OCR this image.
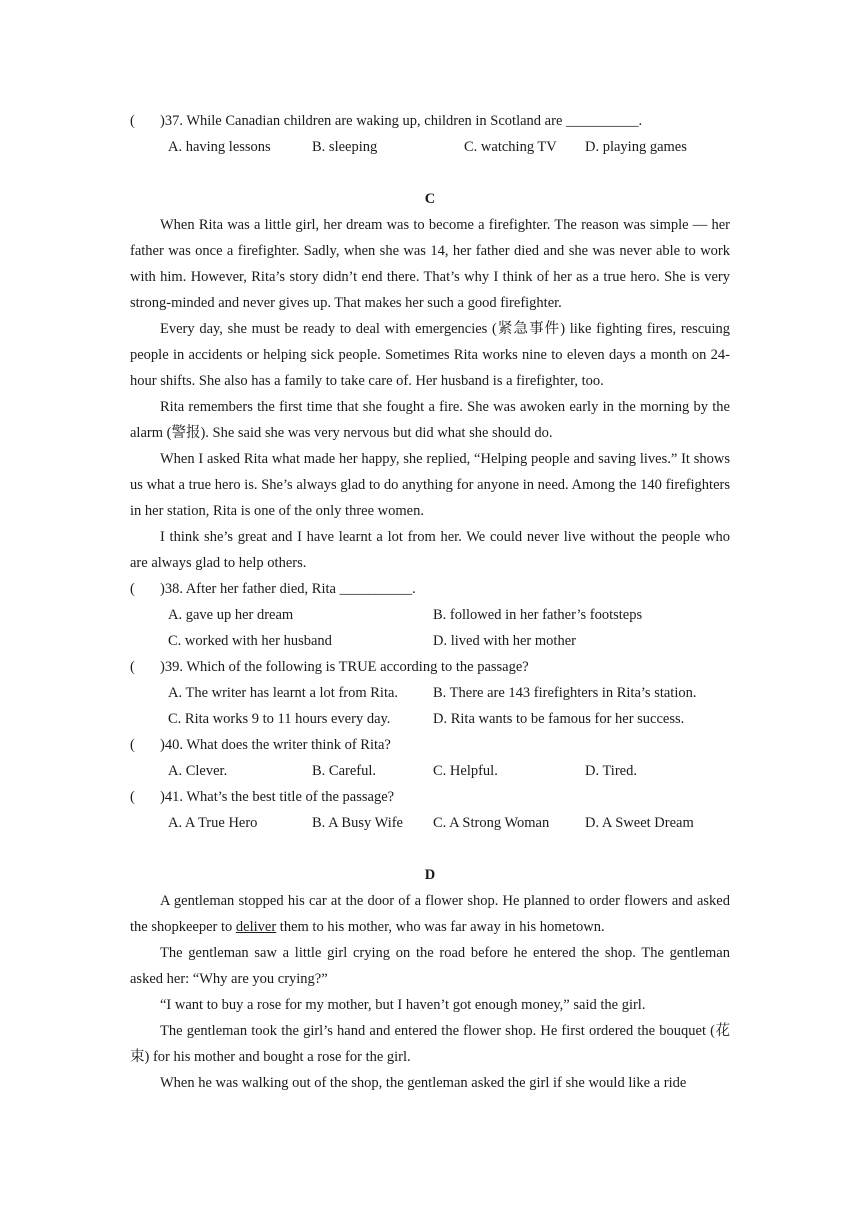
(	)37. While Canadian children are waking up, children in Scotland are __________.
A. having lessons	B. sleeping	C. watching TV	D. playing games
C

When Rita was a little girl, her dream was to become a firefighter. The reason was simple — her father was once a firefighter. Sadly, when she was 14, her father died and she was never able to work with him. However, Rita’s story didn’t end there. That’s why I think of her as a true hero. She is very strong-minded and never gives up. That makes her such a good firefighter.

Every day, she must be ready to deal with emergencies (紧急事件) like fighting fires, rescuing people in accidents or helping sick people. Sometimes Rita works nine to eleven days a month on 24-hour shifts. She also has a family to take care of. Her husband is a firefighter, too.

Rita remembers the first time that she fought a fire. She was awoken early in the morning by the alarm (警报). She said she was very nervous but did what she should do.

When I asked Rita what made her happy, she replied, “Helping people and saving lives.” It shows us what a true hero is. She’s always glad to do anything for anyone in need. Among the 140 firefighters in her station, Rita is one of the only three women.

I think she’s great and I have learnt a lot from her. We could never live without the people who are always glad to help others.

(	)38. After her father died, Rita __________.
A. gave up her dream	B. followed in her father’s footsteps
C. worked with her husband	D. lived with her mother
(	)39. Which of the following is TRUE according to the passage?
A. The writer has learnt a lot from Rita.	B. There are 143 firefighters in Rita’s station.
C. Rita works 9 to 11 hours every day.	D. Rita wants to be famous for her success.
(	)40. What does the writer think of Rita?
A. Clever.	B. Careful.	C. Helpful.	D. Tired.
(	)41. What’s the best title of the passage?
A. A True Hero	B. A Busy Wife	C. A Strong Woman	D. A Sweet Dream
D

A gentleman stopped his car at the door of a flower shop. He planned to order flowers and asked the shopkeeper to deliver them to his mother, who was far away in his hometown.

The gentleman saw a little girl crying on the road before he entered the shop. The gentleman asked her: “Why are you crying?”

“I want to buy a rose for my mother, but I haven’t got enough money,” said the girl.

The gentleman took the girl’s hand and entered the flower shop. He first ordered the bouquet (花束) for his mother and bought a rose for the girl.

When he was walking out of the shop, the gentleman asked the girl if she would like a ride
